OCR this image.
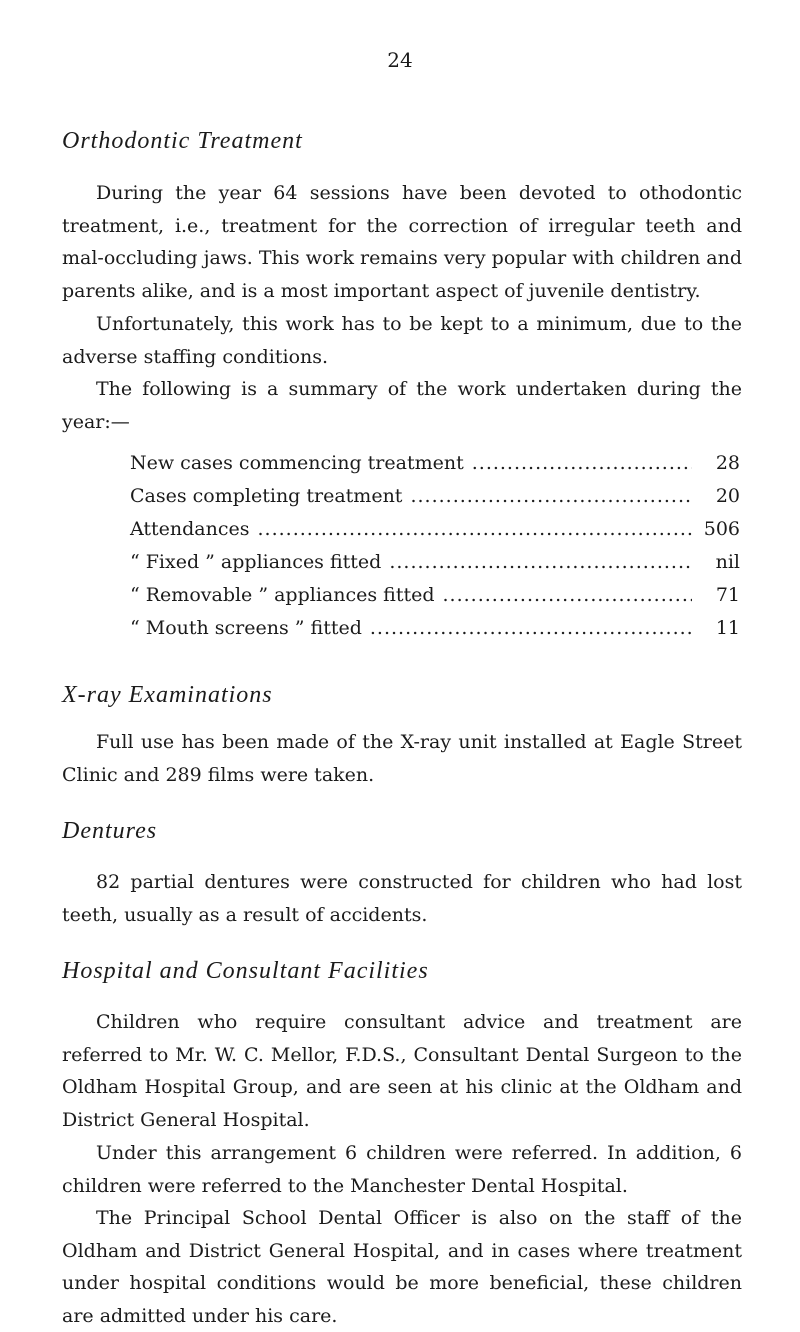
24
Orthodontic Treatment

During the year 64 sessions have been devoted to othodontic treatment, i.e., treatment for the correction of irregular teeth and mal-occluding jaws. This work remains very popular with children and parents alike, and is a most important aspect of juvenile dentistry.

Unfortunately, this work has to be kept to a minimum, due to the adverse staffing conditions.

The following is a summary of the work undertaken during the year:—

New cases commencing treatment .....	28
Cases completing treatment .....	20
Attendances .....	506
“ Fixed ” appliances fitted .....	nil
“ Removable ” appliances fitted .....	71
“ Mouth screens ” fitted .....	11
X-ray Examinations

Full use has been made of the X-ray unit installed at Eagle Street Clinic and 289 films were taken.

Dentures

82 partial dentures were constructed for children who had lost teeth, usually as a result of accidents.

Hospital and Consultant Facilities

Children who require consultant advice and treatment are referred to Mr. W. C. Mellor, F.D.S., Consultant Dental Surgeon to the Oldham Hospital Group, and are seen at his clinic at the Oldham and District General Hospital.

Under this arrangement 6 children were referred. In addition, 6 children were referred to the Manchester Dental Hospital.

The Principal School Dental Officer is also on the staff of the Oldham and District General Hospital, and in cases where treatment under hospital conditions would be more beneficial, these children are admitted under his care.
